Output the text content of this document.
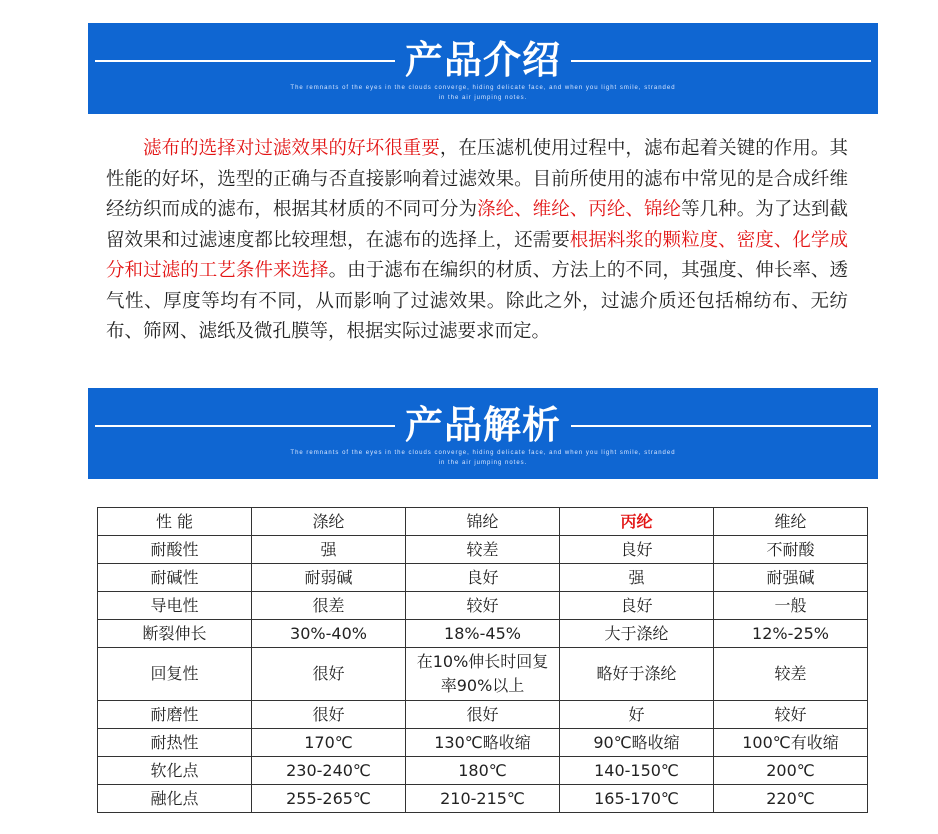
产品介绍
The remnants of the eyes in the clouds converge, hiding delicate face, and when you light smile, stranded in the air jumping notes.
滤布的选择对过滤效果的好坏很重要，在压滤机使用过程中，滤布起着关键的作用。其性能的好坏，选型的正确与否直接影响着过滤效果。目前所使用的滤布中常见的是合成纤维经纺织而成的滤布，根据其材质的不同可分为涤纶、维纶、丙纶、锦纶等几种。为了达到截留效果和过滤速度都比较理想，在滤布的选择上，还需要根据料浆的颗粒度、密度、化学成分和过滤的工艺条件来选择。由于滤布在编织的材质、方法上的不同，其强度、伸长率、透气性、厚度等均有不同，从而影响了过滤效果。除此之外，过滤介质还包括棉纺布、无纺布、筛网、滤纸及微孔膜等，根据实际过滤要求而定。
产品解析
The remnants of the eyes in the clouds converge, hiding delicate face, and when you light smile, stranded in the air jumping notes.
性 能	涤纶	锦纶	丙纶	维纶
耐酸性	强	较差	良好	不耐酸
耐碱性	耐弱碱	良好	强	耐强碱
导电性	很差	较好	良好	一般
断裂伸长	30%-40%	18%-45%	大于涤纶	12%-25%
回复性	很好	在10%伸长时回复率90%以上	略好于涤纶	较差
耐磨性	很好	很好	好	较好
耐热性	170℃	130℃略收缩	90℃略收缩	100℃有收缩
软化点	230-240℃	180℃	140-150℃	200℃
融化点	255-265℃	210-215℃	165-170℃	220℃
